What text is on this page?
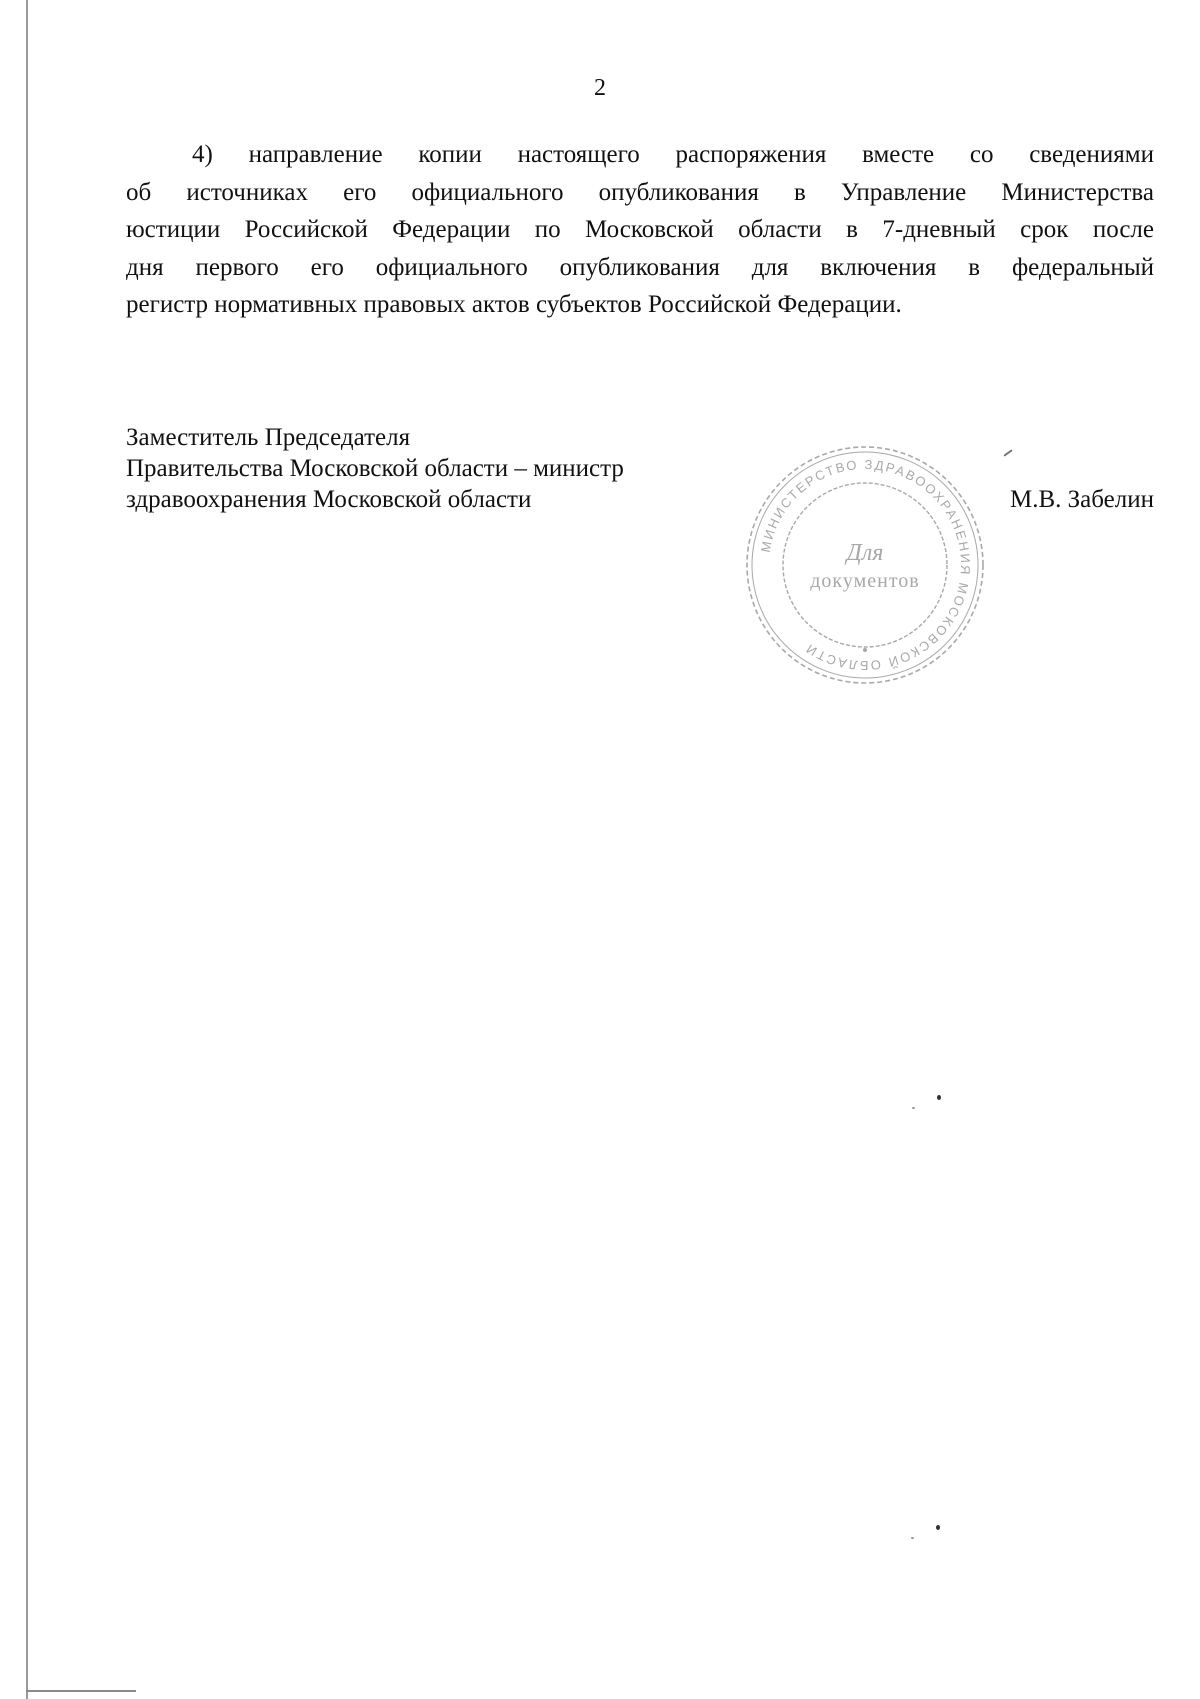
2
4) направление копии настоящего распоряжения вместе со сведениями
об источниках его официального опубликования в Управление Министерства
юстиции Российской Федерации по Московской области в 7-дневный срок после
дня первого его официального опубликования для включения в федеральный
регистр нормативных правовых актов субъектов Российской Федерации.
Заместитель Председателя
Правительства Московской области – министр
здравоохранения Московской области	М.В. Забелин
МИНИСТЕРСТВО ЗДРАВООХРАНЕНИЯ МОСКОВСКОЙ ОБЛАСТИ
Для
документов
